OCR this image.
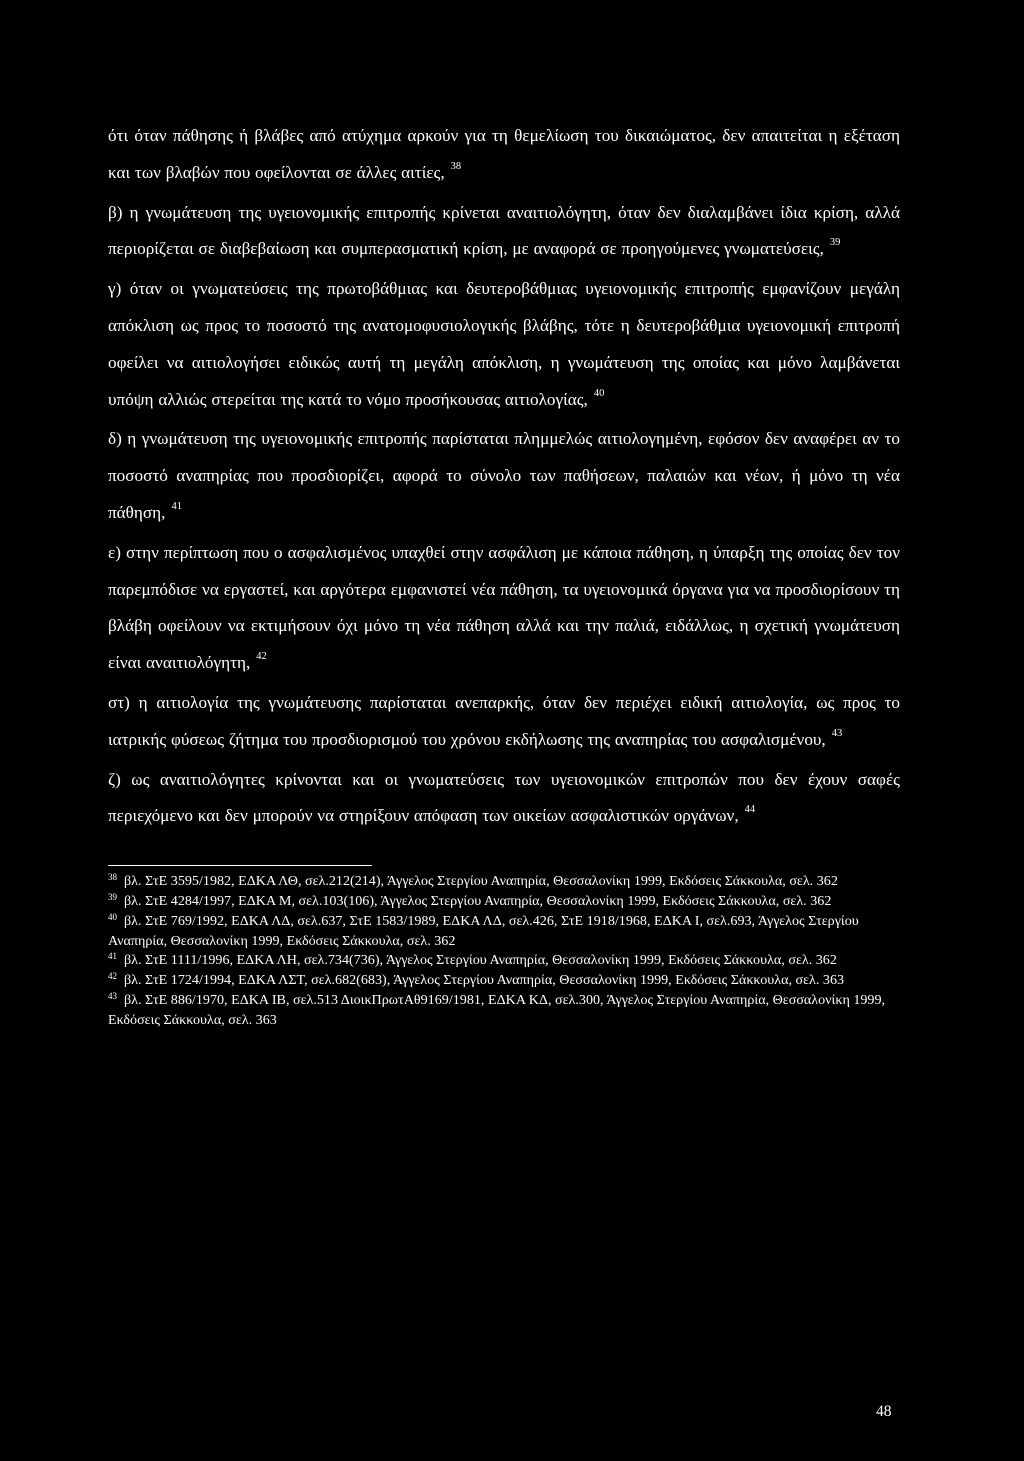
ότι όταν πάθησης ή βλάβες από ατύχημα αρκούν για τη θεμελίωση του δικαιώματος, δεν απαιτείται η εξέταση και των βλαβών που οφείλονται σε άλλες αιτίες, $^{38}$

β) η γνωμάτευση της υγειονομικής επιτροπής κρίνεται αναιτιολόγητη, όταν δεν διαλαμβάνει ίδια κρίση, αλλά περιορίζεται σε διαβεβαίωση και συμπερασματική κρίση, με αναφορά σε προηγούμενες γνωματεύσεις, $^{39}$

γ) όταν οι γνωματεύσεις της πρωτοβάθμιας και δευτεροβάθμιας υγειονομικής επιτροπής εμφανίζουν μεγάλη απόκλιση ως προς το ποσοστό της ανατομοφυσιολογικής βλάβης, τότε η δευτεροβάθμια υγειονομική επιτροπή οφείλει να αιτιολογήσει ειδικώς αυτή τη μεγάλη απόκλιση, η γνωμάτευση της οποίας και μόνο λαμβάνεται υπόψη αλλιώς στερείται της κατά το νόμο προσήκουσας αιτιολογίας, $^{40}$

δ) η γνωμάτευση της υγειονομικής επιτροπής παρίσταται πλημμελώς αιτιολογημένη, εφόσον δεν αναφέρει αν το ποσοστό αναπηρίας που προσδιορίζει, αφορά το σύνολο των παθήσεων, παλαιών και νέων, ή μόνο τη νέα πάθηση, $^{41}$

ε) στην περίπτωση που ο ασφαλισμένος υπαχθεί στην ασφάλιση με κάποια πάθηση, η ύπαρξη της οποίας δεν τον παρεμπόδισε να εργαστεί, και αργότερα εμφανιστεί νέα πάθηση, τα υγειονομικά όργανα για να προσδιορίσουν τη βλάβη οφείλουν να εκτιμήσουν όχι μόνο τη νέα πάθηση αλλά και την παλιά, ειδάλλως, η σχετική γνωμάτευση είναι αναιτιολόγητη, $^{42}$

στ) η αιτιολογία της γνωμάτευσης παρίσταται ανεπαρκής, όταν δεν περιέχει ειδική αιτιολογία, ως προς το ιατρικής φύσεως ζήτημα του προσδιορισμού του χρόνου εκδήλωσης της αναπηρίας του ασφαλισμένου, $^{43}$

ζ) ως αναιτιολόγητες κρίνονται και οι γνωματεύσεις των υγειονομικών επιτροπών που δεν έχουν σαφές περιεχόμενο και δεν μπορούν να στηρίξουν απόφαση των οικείων ασφαλιστικών οργάνων, $^{44}$

$^{38}$ βλ. ΣτΕ 3595/1982, ΕΔΚΑ ΛΘ, σελ.212(214), Άγγελος Στεργίου Αναπηρία, Θεσσαλονίκη 1999, Εκδόσεις Σάκκουλα, σελ. 362

$^{39}$ βλ. ΣτΕ 4284/1997, ΕΔΚΑ Μ, σελ.103(106), Άγγελος Στεργίου Αναπηρία, Θεσσαλονίκη 1999, Εκδόσεις Σάκκουλα, σελ. 362

$^{40}$ βλ. ΣτΕ 769/1992, ΕΔΚΑ ΛΔ, σελ.637, ΣτΕ 1583/1989, ΕΔΚΑ ΛΔ, σελ.426, ΣτΕ 1918/1968, ΕΔΚΑ Ι, σελ.693, Άγγελος Στεργίου Αναπηρία, Θεσσαλονίκη 1999, Εκδόσεις Σάκκουλα, σελ. 362

$^{41}$ βλ. ΣτΕ 1111/1996, ΕΔΚΑ ΛΗ, σελ.734(736), Άγγελος Στεργίου Αναπηρία, Θεσσαλονίκη 1999, Εκδόσεις Σάκκουλα, σελ. 362

$^{42}$ βλ. ΣτΕ 1724/1994, ΕΔΚΑ ΛΣΤ, σελ.682(683), Άγγελος Στεργίου Αναπηρία, Θεσσαλονίκη 1999, Εκδόσεις Σάκκουλα, σελ. 363

$^{43}$ βλ. ΣτΕ 886/1970, ΕΔΚΑ ΙΒ, σελ.513 ΔιοικΠρωτΑθ9169/1981, ΕΔΚΑ ΚΔ, σελ.300, Άγγελος Στεργίου Αναπηρία, Θεσσαλονίκη 1999, Εκδόσεις Σάκκουλα, σελ. 363

48
